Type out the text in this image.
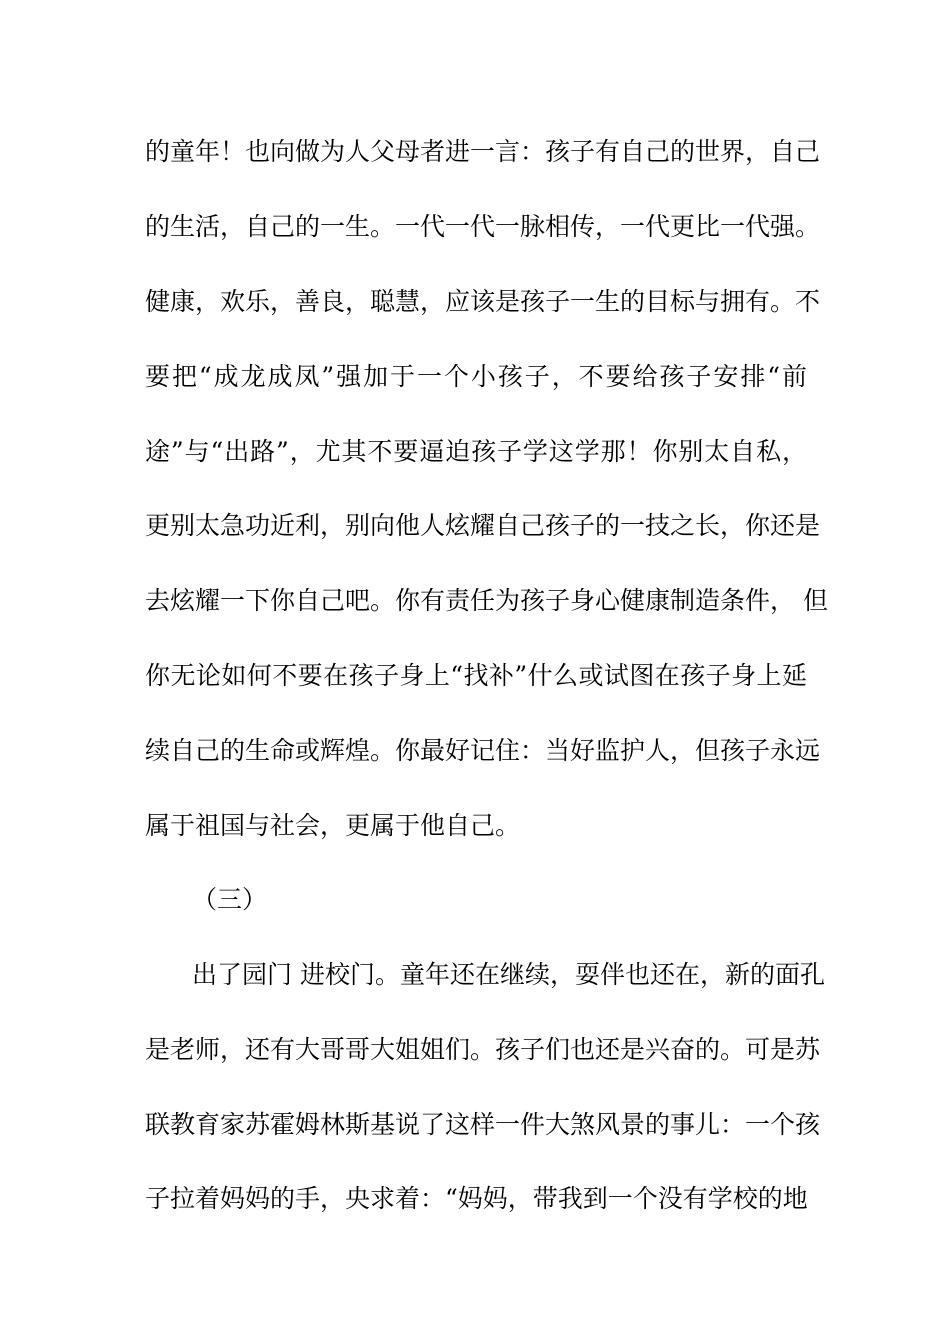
的童年！也向做为人父母者进一言：孩子有自己的世界，自己
的生活，自己的一生。一代一代一脉相传，一代更比一代强。
健康，欢乐，善良，聪慧，应该是孩子一生的目标与拥有。不
要把“成龙成凤”强加于一个小孩子，不要给孩子安排“前
途”与“出路”，尤其不要逼迫孩子学这学那！你别太自私，
更别太急功近利，别向他人炫耀自己孩子的一技之长，你还是
去炫耀一下你自己吧。你有责任为孩子身心健康制造条件， 但
你无论如何不要在孩子身上“找补”什么或试图在孩子身上延
续自己的生命或辉煌。你最好记住：当好监护人，但孩子永远
属于祖国与社会，更属于他自己。
（三）
出了园门 进校门。童年还在继续，耍伴也还在，新的面孔
是老师，还有大哥哥大姐姐们。孩子们也还是兴奋的。可是苏
联教育家苏霍姆林斯基说了这样一件大煞风景的事儿：一个孩
子拉着妈妈的手，央求着：“妈妈，带我到一个没有学校的地
